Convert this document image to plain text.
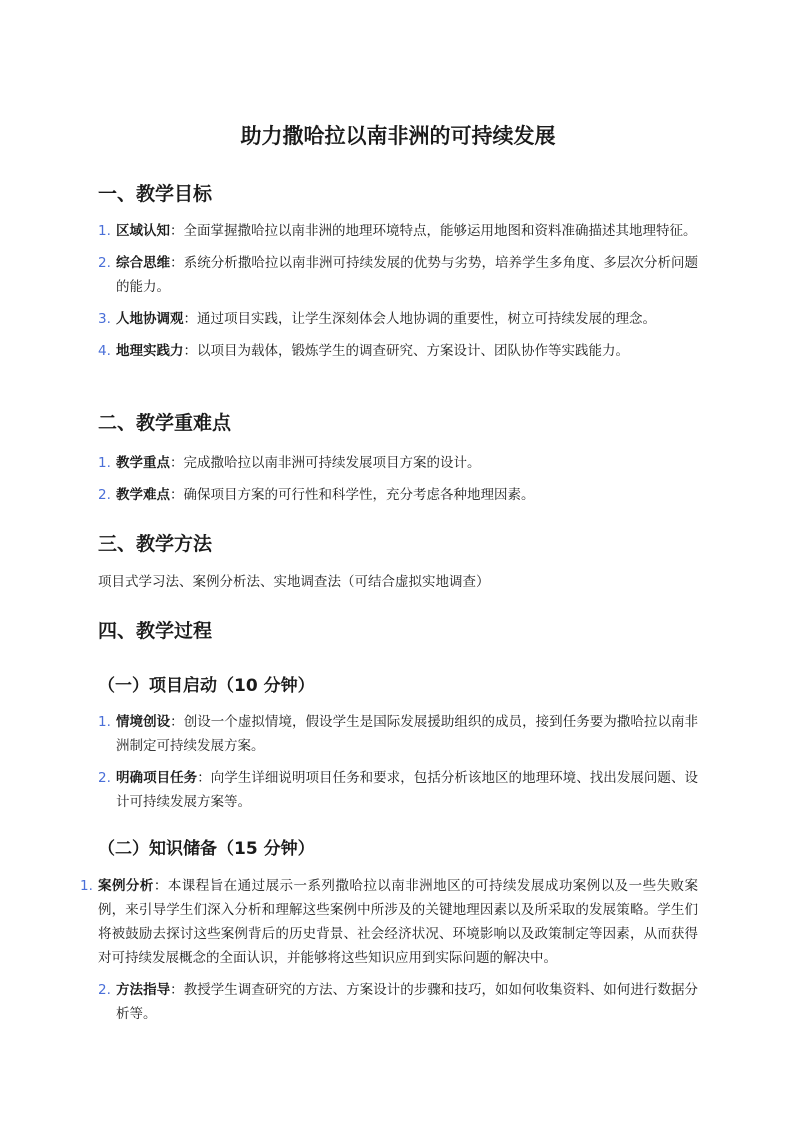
助力撒哈拉以南非洲的可持续发展
一、教学目标
1. 区域认知：全面掌握撒哈拉以南非洲的地理环境特点，能够运用地图和资料准确描述其地理特征。
2. 综合思维：系统分析撒哈拉以南非洲可持续发展的优势与劣势，培养学生多角度、多层次分析问题的能力。
3. 人地协调观：通过项目实践，让学生深刻体会人地协调的重要性，树立可持续发展的理念。
4. 地理实践力：以项目为载体，锻炼学生的调查研究、方案设计、团队协作等实践能力。
二、教学重难点
1. 教学重点：完成撒哈拉以南非洲可持续发展项目方案的设计。
2. 教学难点：确保项目方案的可行性和科学性，充分考虑各种地理因素。
三、教学方法

项目式学习法、案例分析法、实地调查法（可结合虚拟实地调查）

四、教学过程
（一）项目启动（10 分钟）
1. 情境创设：创设一个虚拟情境，假设学生是国际发展援助组织的成员，接到任务要为撒哈拉以南非洲制定可持续发展方案。
2. 明确项目任务：向学生详细说明项目任务和要求，包括分析该地区的地理环境、找出发展问题、设计可持续发展方案等。
（二）知识储备（15 分钟）
1. 案例分析：本课程旨在通过展示一系列撒哈拉以南非洲地区的可持续发展成功案例以及一些失败案例，来引导学生们深入分析和理解这些案例中所涉及的关键地理因素以及所采取的发展策略。学生们将被鼓励去探讨这些案例背后的历史背景、社会经济状况、环境影响以及政策制定等因素，从而获得对可持续发展概念的全面认识，并能够将这些知识应用到实际问题的解决中。
2. 方法指导：教授学生调查研究的方法、方案设计的步骤和技巧，如如何收集资料、如何进行数据分析等。
